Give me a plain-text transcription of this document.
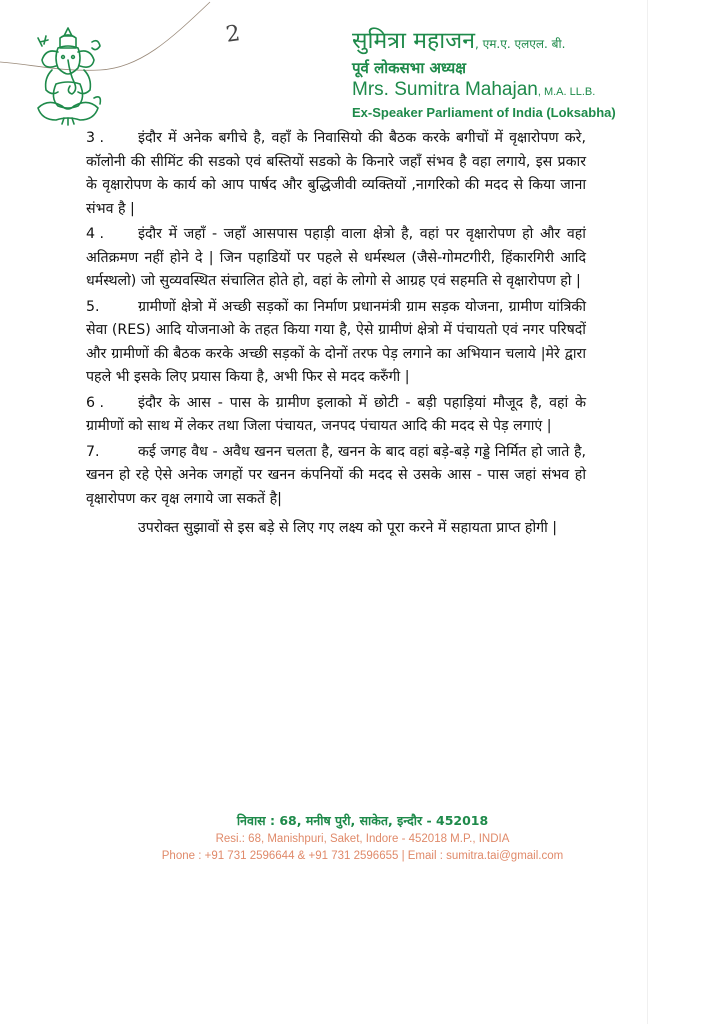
2	सुमित्रा महाजन, एम.ए. एलएल. बी.
पूर्व लोकसभा अध्यक्ष
Mrs. Sumitra Mahajan, M.A. LL.B.
Ex-Speaker Parliament of India (Loksabha)

3 . इंदौर में अनेक बगीचे है, वहाँ के निवासियो की बैठक करके बगीचों में वृक्षारोपण करे, कॉलोनी की सीमिंट की सडको एवं बस्तियों सडको के किनारे जहाँ संभव है वहा लगाये, इस प्रकार के वृक्षारोपण के कार्य को आप पार्षद और बुद्धिजीवी व्यक्तियों ,नागरिको की मदद से किया जाना संभव है |

4 . इंदौर में जहाँ - जहाँ आसपास पहाड़ी वाला क्षेत्रो है, वहां पर वृक्षारोपण हो और वहां अतिक्रमण नहीं होने दे | जिन पहाडियों पर पहले से धर्मस्थल (जैसे-गोमटगीरी, हिंकारगिरी आदि धर्मस्थलो) जो सुव्यवस्थित संचालित होते हो, वहां के लोगो से आग्रह एवं सहमति से वृक्षारोपण हो |

5.	ग्रामीणों क्षेत्रो में अच्छी सड़कों का निर्माण प्रधानमंत्री ग्राम सड़क योजना, ग्रामीण यांत्रिकी सेवा (RES) आदि योजनाओ के तहत किया गया है, ऐसे ग्रामीणं क्षेत्रो में पंचायतो एवं नगर परिषदों और ग्रामीणों की बैठक करके अच्छी सड़कों के दोनों तरफ पेड़ लगाने का अभियान चलाये |मेरे द्वारा पहले भी इसके लिए प्रयास किया है, अभी फिर से मदद करुँगी |

6 . इंदौर के आस - पास के ग्रामीण इलाको में छोटी - बड़ी पहाड़ियां मौजूद है, वहां के ग्रामीणों को साथ में लेकर तथा जिला पंचायत, जनपद पंचायत आदि की मदद से पेड़ लगाएं |

7.	कई जगह वैध - अवैध खनन चलता है, खनन के बाद वहां बड़े-बड़े गड्डे निर्मित हो जाते है, खनन हो रहे ऐसे अनेक जगहों पर खनन कंपनियों की मदद से उसके आस - पास जहां संभव हो वृक्षारोपण कर वृक्ष लगाये जा सकतें है|

उपरोक्त सुझावों से इस बड़े से लिए गए लक्ष्य को पूरा करने में सहायता प्राप्त होगी |

निवास : 68, मनीष पुरी, साकेत, इन्दौर - 452018
Resi.: 68, Manishpuri, Saket, Indore - 452018 M.P., INDIA
Phone : +91 731 2596644 & +91 731 2596655 | Email : sumitra.tai@gmail.com
